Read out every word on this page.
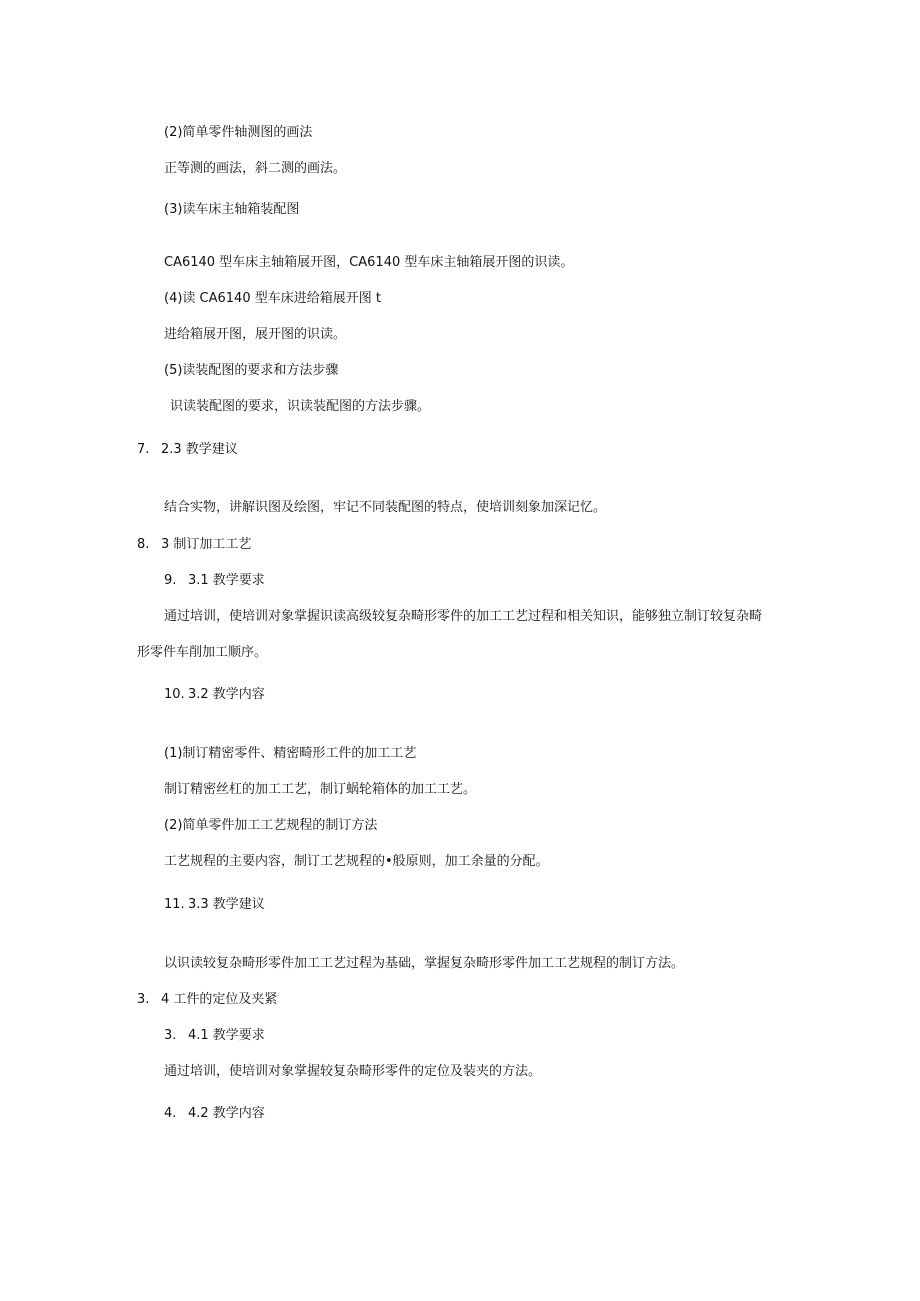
(2)简单零件轴测图的画法
正等测的画法，斜二测的画法。
(3)读车床主轴箱装配图
CA6140 型车床主轴箱展开图，CA6140 型车床主轴箱展开图的识读。
(4)读 CA6140 型车床进给箱展开图 t
进给箱展开图，展开图的识读。
(5)读装配图的要求和方法步骤
识读装配图的要求，识读装配图的方法步骤。
7. 2.3 教学建议
结合实物，讲解识图及绘图，牢记不同装配图的特点，使培训刻象加深记忆。
8. 3 制订加工工艺
9. 3.1 教学要求
通过培训，使培训对象掌握识读高级较复杂畸形零件的加工工艺过程和相关知识，能够独立制订较复杂畸
形零件车削加工顺序。
10. 3.2 教学内容
(1)制订精密零件、精密畸形工件的加工工艺
制订精密丝杠的加工工艺，制订蜗轮箱体的加工工艺。
(2)简单零件加工工艺规程的制订方法
工艺规程的主要内容，制订工艺规程的•般原则，加工余量的分配。
11. 3.3 教学建议
以识读较复杂畸形零件加工工艺过程为基础，掌握复杂畸形零件加工工艺规程的制订方法。
3. 4 工件的定位及夹紧
3. 4.1 教学要求
通过培训，使培训对象掌握较复杂畸形零件的定位及装夹的方法。
4. 4.2 教学内容
